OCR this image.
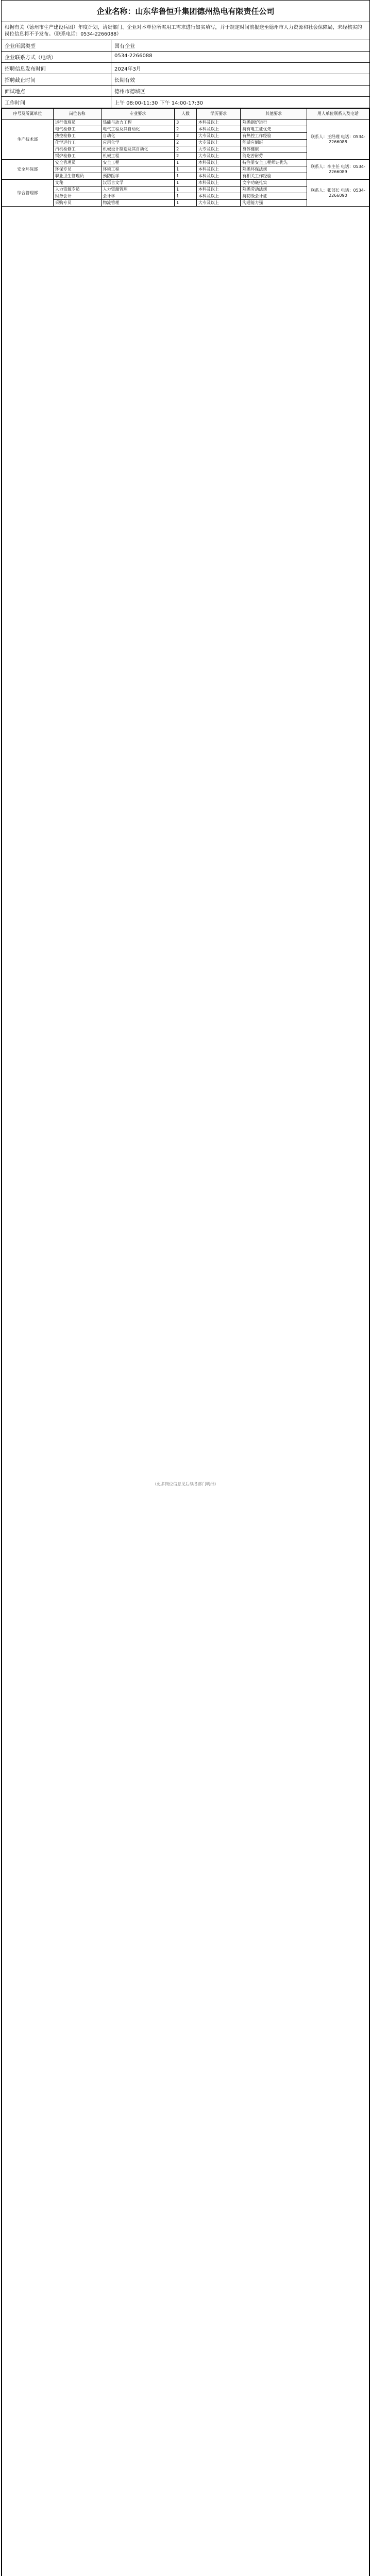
企业名称：山东华鲁恒升集团德州热电有限责任公司
根据有关（德州市生产建设兵团）年度计划，请贵部门、企业对本单位所需用工需求进行如实填写，并于规定时间前报送至德州市人力资源和社会保障局，未经核实的岗位信息将不予发布。（联系电话：0534-2266088）
企业所属类型	国有企业
企业联系方式（电话）	0534-2266088
招聘信息发布时间	2024年3月
招聘截止时间	长期有效
面试地点	德州市德城区
工作时间	上午 08:00-11:30 下午 14:00-17:30
序号及所属单位	岗位名称	专业要求	人数	学历要求	其他要求	用人单位联系人及电话
生产技术部	运行值班员	热能与动力工程	3	本科及以上	熟悉锅炉运行	联系人：王经理 电话：0534-2266088
	电气检修工	电气工程及其自动化	2	本科及以上	持有电工证优先	
	热控检修工	自动化	2	大专及以上	有热控工作经验	
	化学运行工	应用化学	2	大专及以上	能适应倒班	
	汽机检修工	机械设计制造及其自动化	2	大专及以上	身体健康	
	锅炉检修工	机械工程	2	大专及以上	能吃苦耐劳	
安全环保部	安全管理员	安全工程	1	本科及以上	持注册安全工程师证优先	联系人：李主任 电话：0534-2266089
	环保专员	环境工程	1	本科及以上	熟悉环保法规	
	职业卫生管理员	预防医学	1	本科及以上	有相关工作经验	
综合管理部	文秘	汉语言文学	1	本科及以上	文字功底扎实	联系人：张部长 电话：0534-2266090
	人力资源专员	人力资源管理	1	本科及以上	熟悉劳动法规	
	财务会计	会计学	1	本科及以上	持初级会计证	
	采购专员	物流管理	1	大专及以上	沟通能力强	
（更多岗位信息见后续各部门明细）						
